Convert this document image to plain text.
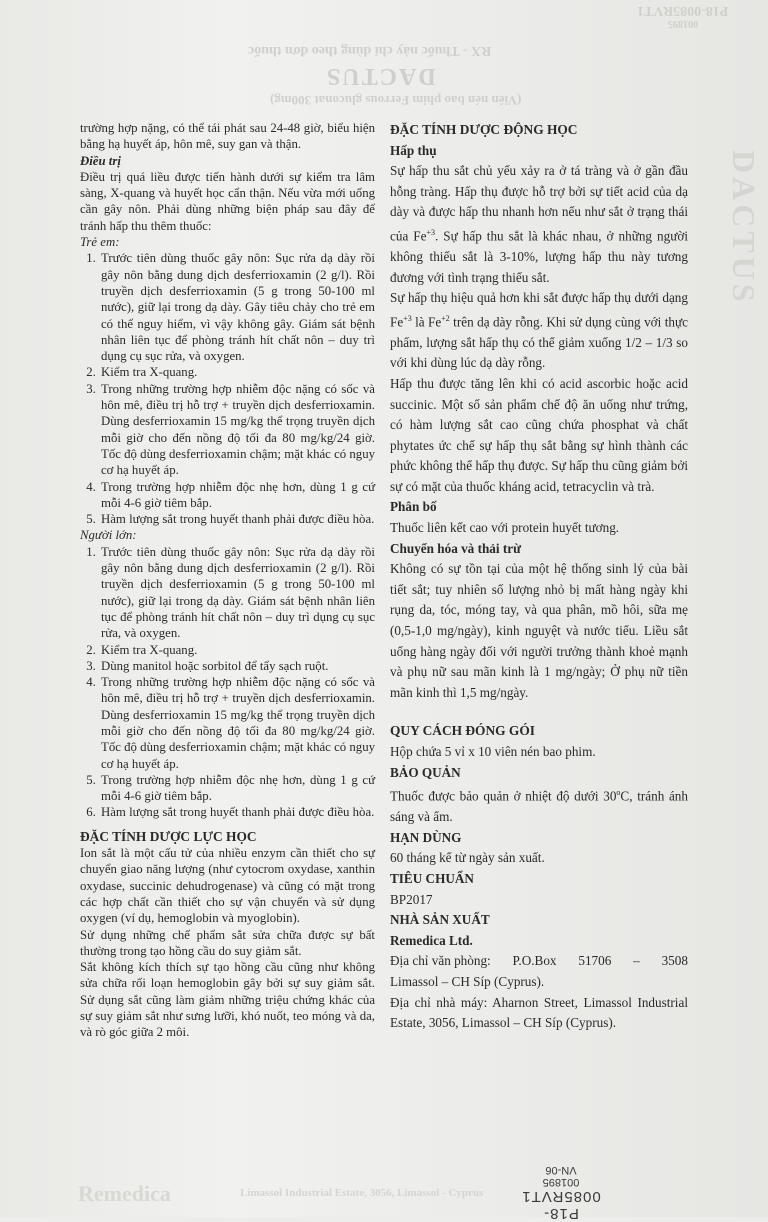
P18-0085RVT1
001895
RX - Thuốc này chỉ dùng theo đơn thuốc
DACTUS
(Viên nén bao phim Ferrous gluconat 300mg)
DACTUS
Remedica	Limassol Industrial Estate, 3056, Limassol - Cyprus

trường hợp nặng, có thể tái phát sau 24-48 giờ, biểu hiện bằng hạ huyết áp, hôn mê, suy gan và thận.

Điều trị

Điều trị quá liều được tiến hành dưới sự kiểm tra lâm sàng, X-quang và huyết học cẩn thận. Nếu vừa mới uống cần gây nôn. Phải dùng những biện pháp sau đây để tránh hấp thu thêm thuốc:

Trẻ em:

1. Trước tiên dùng thuốc gây nôn: Sục rửa dạ dày rồi gây nôn bằng dung dịch desferrioxamin (2 g/l). Rồi truyền dịch desferrioxamin (5 g trong 50-100 ml nước), giữ lại trong dạ dày. Gây tiêu chảy cho trẻ em có thể nguy hiểm, vì vậy không gây. Giám sát bệnh nhân liên tục để phòng tránh hít chất nôn – duy trì dụng cụ sục rửa, và oxygen.
2. Kiểm tra X-quang.
3. Trong những trường hợp nhiễm độc nặng có sốc và hôn mê, điều trị hỗ trợ + truyền dịch desferrioxamin. Dùng desferrioxamin 15 mg/kg thể trọng truyền dịch mỗi giờ cho đến nồng độ tối đa 80 mg/kg/24 giờ. Tốc độ dùng desferrioxamin chậm; mặt khác có nguy cơ hạ huyết áp.
4. Trong trường hợp nhiễm độc nhẹ hơn, dùng 1 g cứ mỗi 4-6 giờ tiêm bắp.
5. Hàm lượng sắt trong huyết thanh phải được điều hòa.

Người lớn:

1. Trước tiên dùng thuốc gây nôn: Sục rửa dạ dày rồi gây nôn bằng dung dịch desferrioxamin (2 g/l). Rồi truyền dịch desferrioxamin (5 g trong 50-100 ml nước), giữ lại trong dạ dày. Giám sát bệnh nhân liên tục để phòng tránh hít chất nôn – duy trì dụng cụ sục rửa, và oxygen.
2. Kiểm tra X-quang.
3. Dùng manitol hoặc sorbitol để tẩy sạch ruột.
4. Trong những trường hợp nhiễm độc nặng có sốc và hôn mê, điều trị hỗ trợ + truyền dịch desferrioxamin. Dùng desferrioxamin 15 mg/kg thể trọng truyền dịch mỗi giờ cho đến nồng độ tối đa 80 mg/kg/24 giờ. Tốc độ dùng desferrioxamin chậm; mặt khác có nguy cơ hạ huyết áp.
5. Trong trường hợp nhiễm độc nhẹ hơn, dùng 1 g cứ mỗi 4-6 giờ tiêm bắp.
6. Hàm lượng sắt trong huyết thanh phải được điều hòa.

ĐẶC TÍNH DƯỢC LỰC HỌC

Ion sắt là một cấu tử của nhiều enzym cần thiết cho sự chuyển giao năng lượng (như cytocrom oxydase, xanthin oxydase, succinic dehudrogenase) và cũng có mặt trong các hợp chất cần thiết cho sự vận chuyển và sử dụng oxygen (ví dụ, hemoglobin và myoglobin).

Sử dụng những chế phẩm sắt sửa chữa được sự bất thường trong tạo hồng cầu do suy giảm sắt.

Sắt không kích thích sự tạo hồng cầu cũng như không sửa chữa rối loạn hemoglobin gây bởi sự suy giảm sắt. Sử dụng sắt cũng làm giảm những triệu chứng khác của sự suy giảm sắt như sưng lưỡi, khó nuốt, teo móng và da, và rò góc giữa 2 môi.

ĐẶC TÍNH DƯỢC ĐỘNG HỌC

Hấp thụ

Sự hấp thu sắt chủ yếu xảy ra ở tá tràng và ở gần đầu hỗng tràng. Hấp thụ được hỗ trợ bởi sự tiết acid của dạ dày và được hấp thu nhanh hơn nếu như sắt ở trạng thái của $Fe^{+3}$. Sự hấp thu sắt là khác nhau, ở những người không thiếu sắt là 3-10%, lượng hấp thu này tương đương với tình trạng thiếu sắt.

Sự hấp thụ hiệu quả hơn khi sắt được hấp thụ dưới dạng $Fe^{+3}$ là $Fe^{+2}$ trên dạ dày rỗng. Khi sử dụng cùng với thực phẩm, lượng sắt hấp thụ có thể giảm xuống 1/2 – 1/3 so với khi dùng lúc dạ dày rỗng.

Hấp thu được tăng lên khi có acid ascorbic hoặc acid succinic. Một số sản phẩm chế độ ăn uống như trứng, có hàm lượng sắt cao cũng chứa phosphat và chất phytates ức chế sự hấp thụ sắt bằng sự hình thành các phức không thể hấp thụ được. Sự hấp thu cũng giảm bởi sự có mặt của thuốc kháng acid, tetracyclin và trà.

Phân bố

Thuốc liên kết cao với protein huyết tương.

Chuyển hóa và thải trừ

Không có sự tồn tại của một hệ thống sinh lý của bài tiết sắt; tuy nhiên số lượng nhỏ bị mất hàng ngày khi rụng da, tóc, móng tay, và qua phân, mồ hôi, sữa mẹ (0,5-1,0 mg/ngày), kinh nguyệt và nước tiểu. Liều sắt uống hàng ngày đối với người trưởng thành khoẻ mạnh và phụ nữ sau mãn kinh là 1 mg/ngày; Ở phụ nữ tiền mãn kinh thì 1,5 mg/ngày.

QUY CÁCH ĐÓNG GÓI

Hộp chứa 5 vỉ x 10 viên nén bao phim.

BẢO QUẢN

Thuốc được bảo quản ở nhiệt độ dưới 30$^o$C, tránh ánh sáng và ẩm.

HẠN DÙNG

60 tháng kể từ ngày sản xuất.

TIÊU CHUẨN

BP2017

NHÀ SẢN XUẤT

Remedica Ltd.

Địa chỉ văn phòng: P.O.Box 51706 – 3508

Limassol – CH Síp (Cyprus).

Địa chỉ nhà máy: Aharnon Street, Limassol Industrial Estate, 3056, Limassol – CH Síp (Cyprus).

P18-0085RVT1
001895
VN-06
